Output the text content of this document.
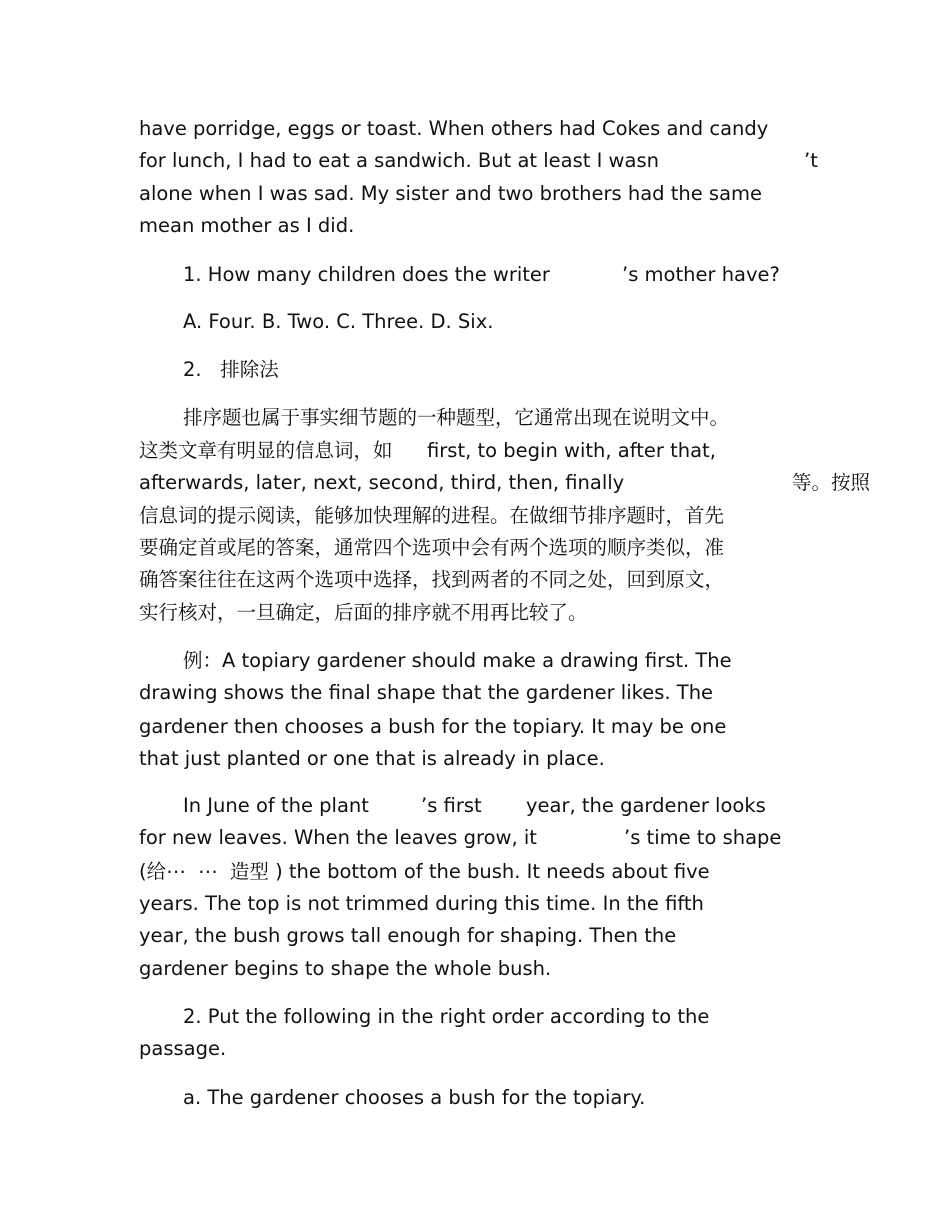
have porridge, eggs or toast. When others had Cokes and candy
for lunch, I had to eat a sandwich. But at least I wasn	’t
alone when I was sad. My sister and two brothers had the same
mean mother as I did.
1. How many children does the writer	’s mother have?
A. Four. B. Two. C. Three. D. Six.
2.   排除法
排序题也属于事实细节题的一种题型，它通常出现在说明文中。
这类文章有明显的信息词，如 first, to begin with, after that,
afterwards, later, next, second, third, then, finally	等。按照
信息词的提示阅读，能够加快理解的进程。在做细节排序题时，首先
要确定首或尾的答案，通常四个选项中会有两个选项的顺序类似，准
确答案往往在这两个选项中选择，找到两者的不同之处，回到原文，
实行核对，一旦确定，后面的排序就不用再比较了。
例：A topiary gardener should make a drawing first. The
drawing shows the final shape that the gardener likes. The
gardener then chooses a bush for the topiary. It may be one
that just planted or one that is already in place.
In June of the plant	’s first year, the gardener looks
for new leaves. When the leaves grow, it	’s time to shape
(给⋯  ⋯  造型 ) the bottom of the bush. It needs about five
years. The top is not trimmed during this time. In the fifth
year, the bush grows tall enough for shaping. Then the
gardener begins to shape the whole bush.
2. Put the following in the right order according to the
passage.
a. The gardener chooses a bush for the topiary.
